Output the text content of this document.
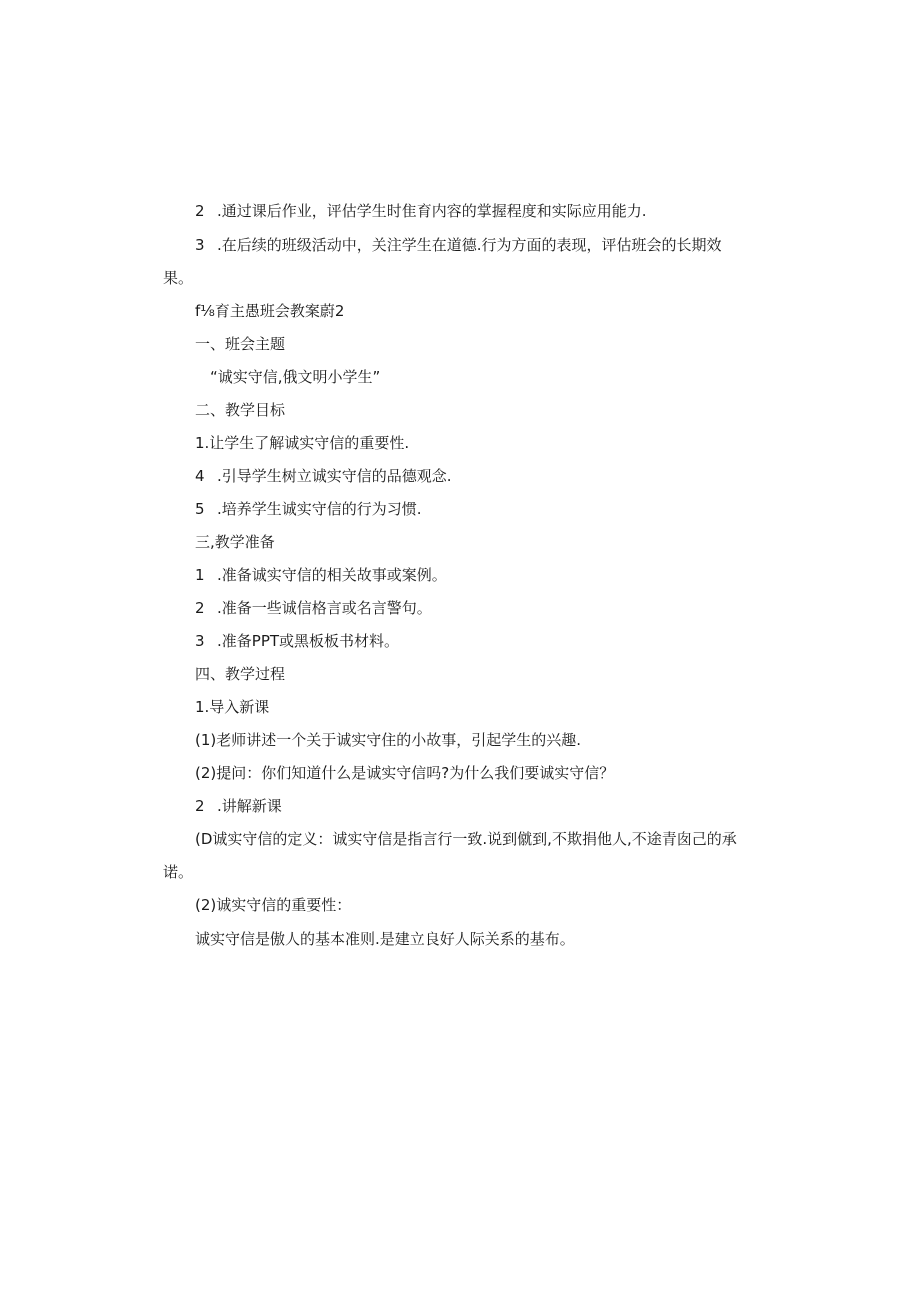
2 .通过课后作业，评估学生时隹育内容的掌握程度和实际应用能力.
3 .在后续的班级活动中，关注学生在道德.行为方面的表现，评估班会的长期效
果。
f⅛育主愚班会教案蔚2
一、班会主题
“诚实守信,俄文明小学生”
二、教学目标
1.让学生了解诚实守信的重要性.
4 .引导学生树立诚实守信的品德观念.
5 .培养学生诚实守信的行为习惯.
三,教学准备
1 .准备诚实守信的相关故事或案例。
2 .准备一些诚信格言或名言警句。
3 .准备PPT或黑板板书材料。
四、教学过程
1.导入新课
(1)老师讲述一个关于诚实守住的小故事，引起学生的兴趣.
(2)提问：你们知道什么是诚实守信吗?为什么我们要诚实守信？
2 .讲解新课
(D诚实守信的定义：诚实守信是指言行一致.说到僦到,不欺捐他人,不途青囱己的承
诺。
(2)诚实守信的重要性：
诚实守信是傲人的基本准则.是建立良好人际关系的基布。
